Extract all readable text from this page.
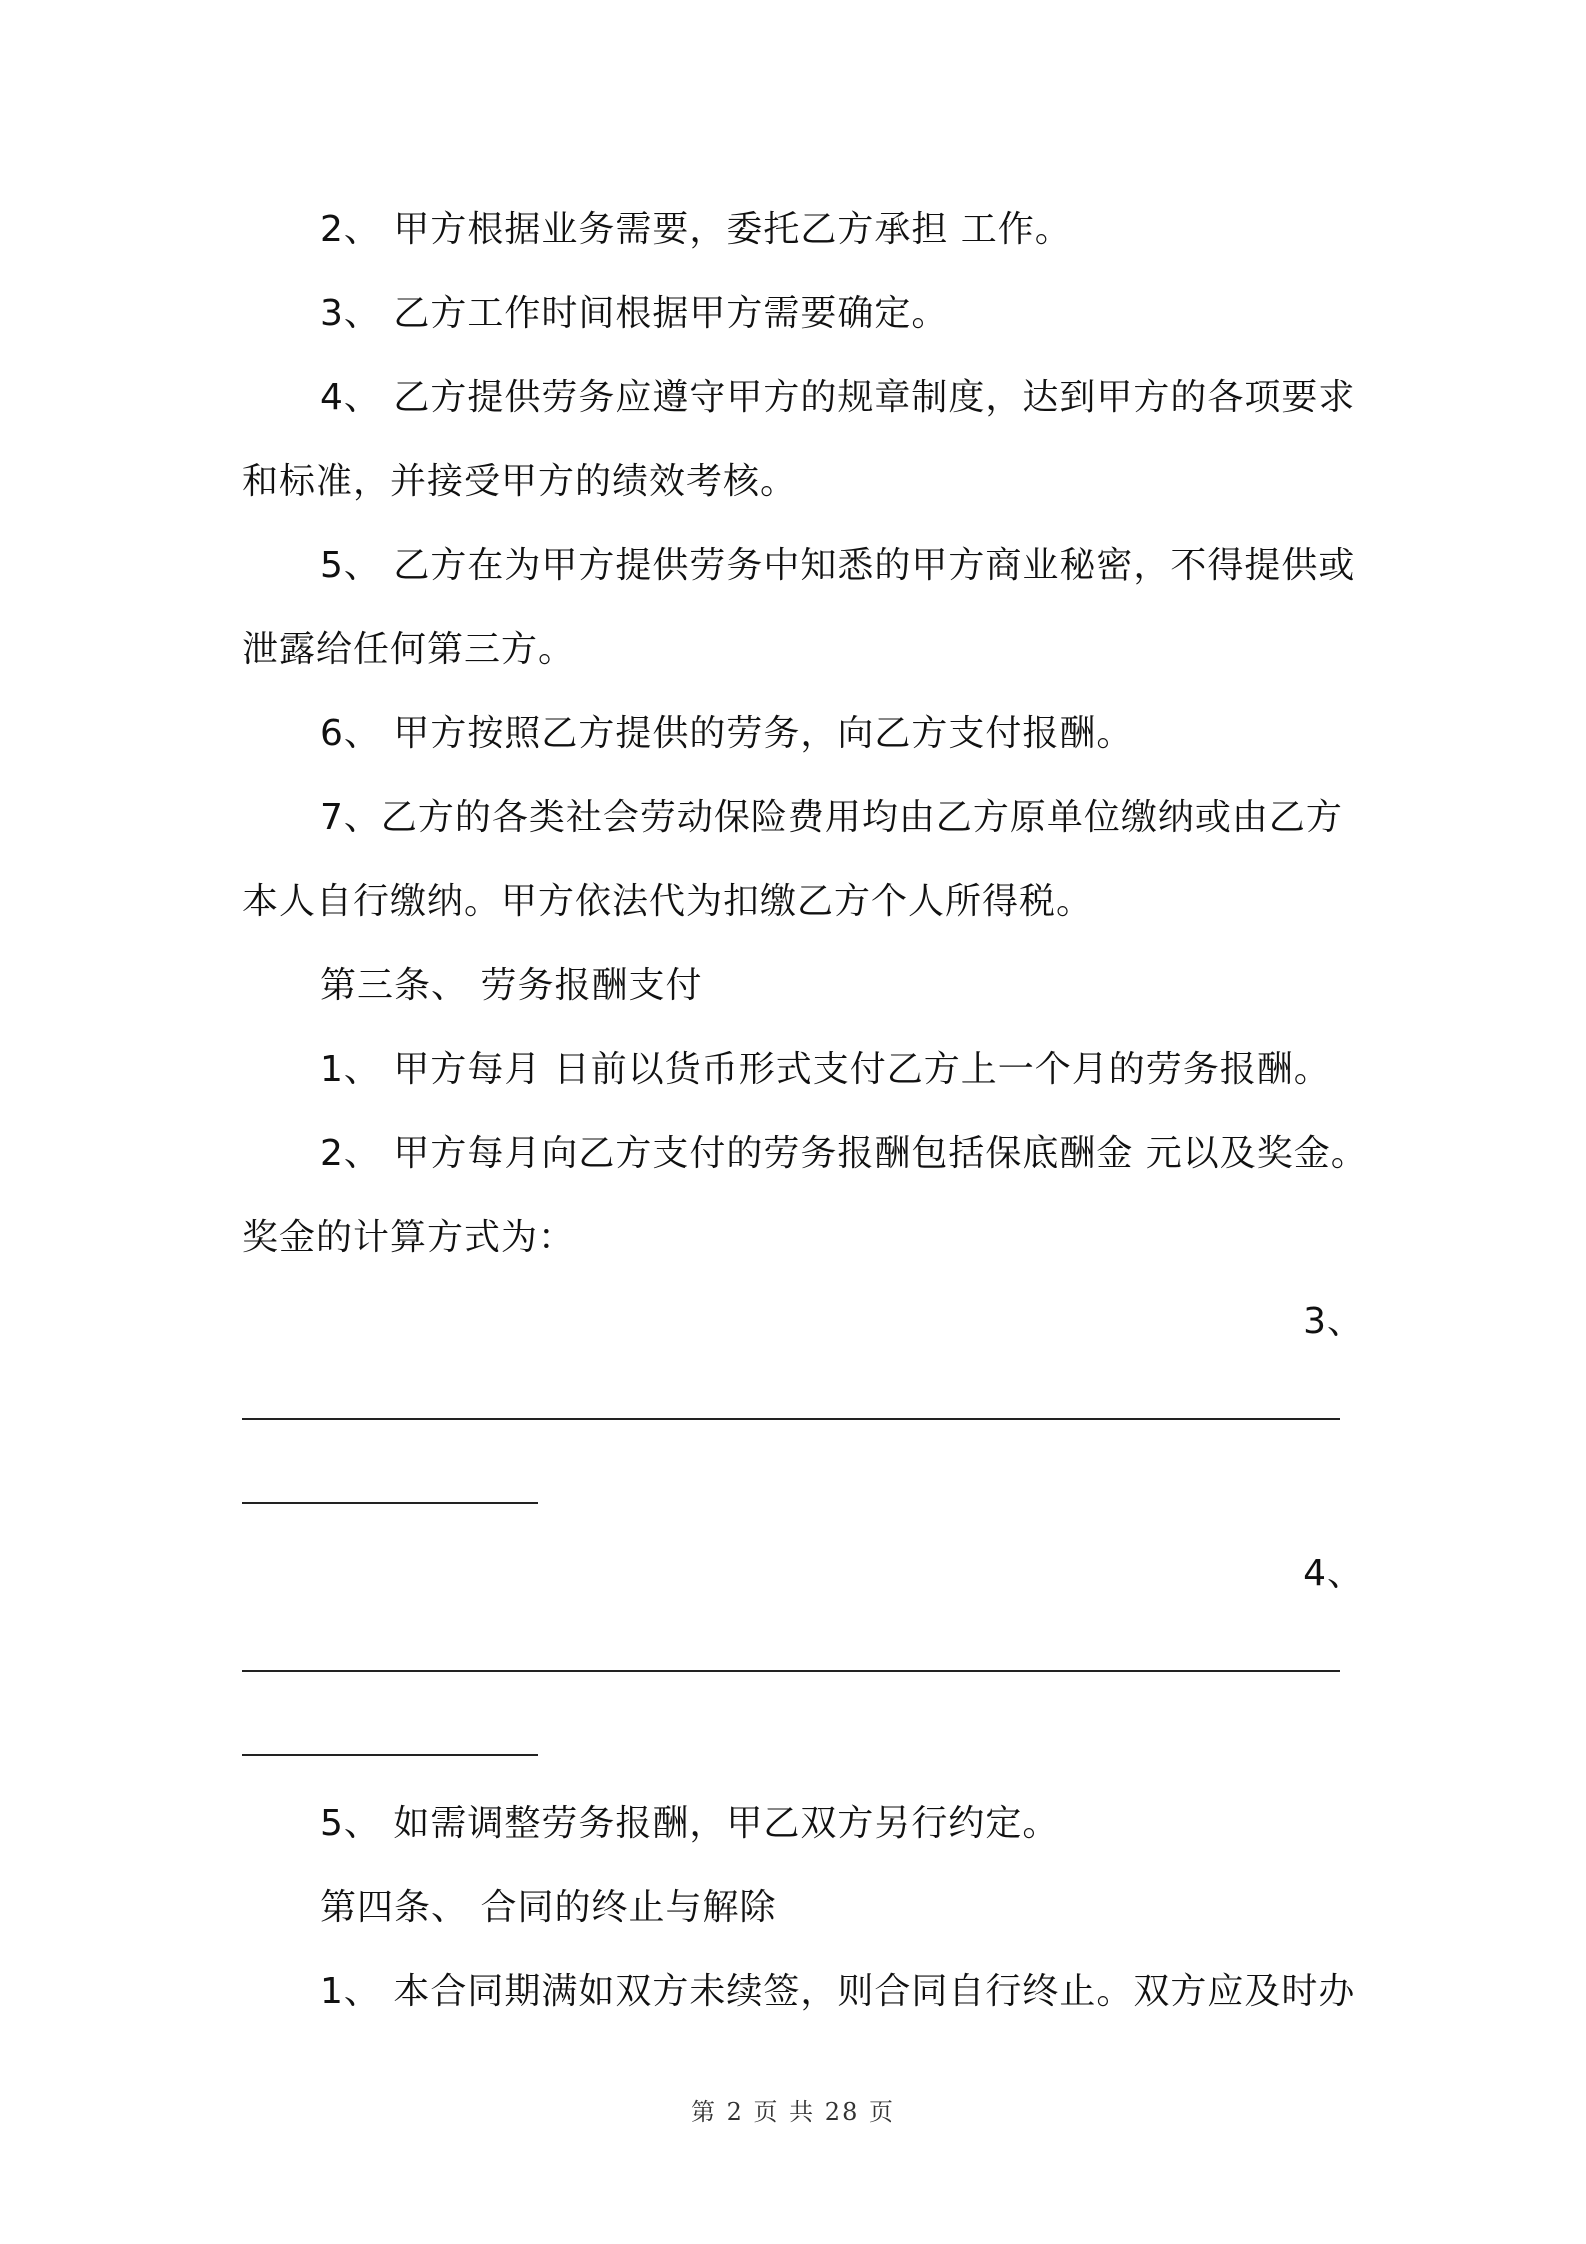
2、 甲方根据业务需要，委托乙方承担 工作。
3、 乙方工作时间根据甲方需要确定。
4、 乙方提供劳务应遵守甲方的规章制度，达到甲方的各项要求
和标准，并接受甲方的绩效考核。
5、 乙方在为甲方提供劳务中知悉的甲方商业秘密，不得提供或
泄露给任何第三方。
6、 甲方按照乙方提供的劳务，向乙方支付报酬。
7、乙方的各类社会劳动保险费用均由乙方原单位缴纳或由乙方
本人自行缴纳。甲方依法代为扣缴乙方个人所得税。
第三条、 劳务报酬支付
1、 甲方每月 日前以货币形式支付乙方上一个月的劳务报酬。
2、 甲方每月向乙方支付的劳务报酬包括保底酬金 元以及奖金。
奖金的计算方式为：
3、
4、
5、 如需调整劳务报酬，甲乙双方另行约定。
第四条、 合同的终止与解除
1、 本合同期满如双方未续签，则合同自行终止。双方应及时办
第 2 页 共 28 页
